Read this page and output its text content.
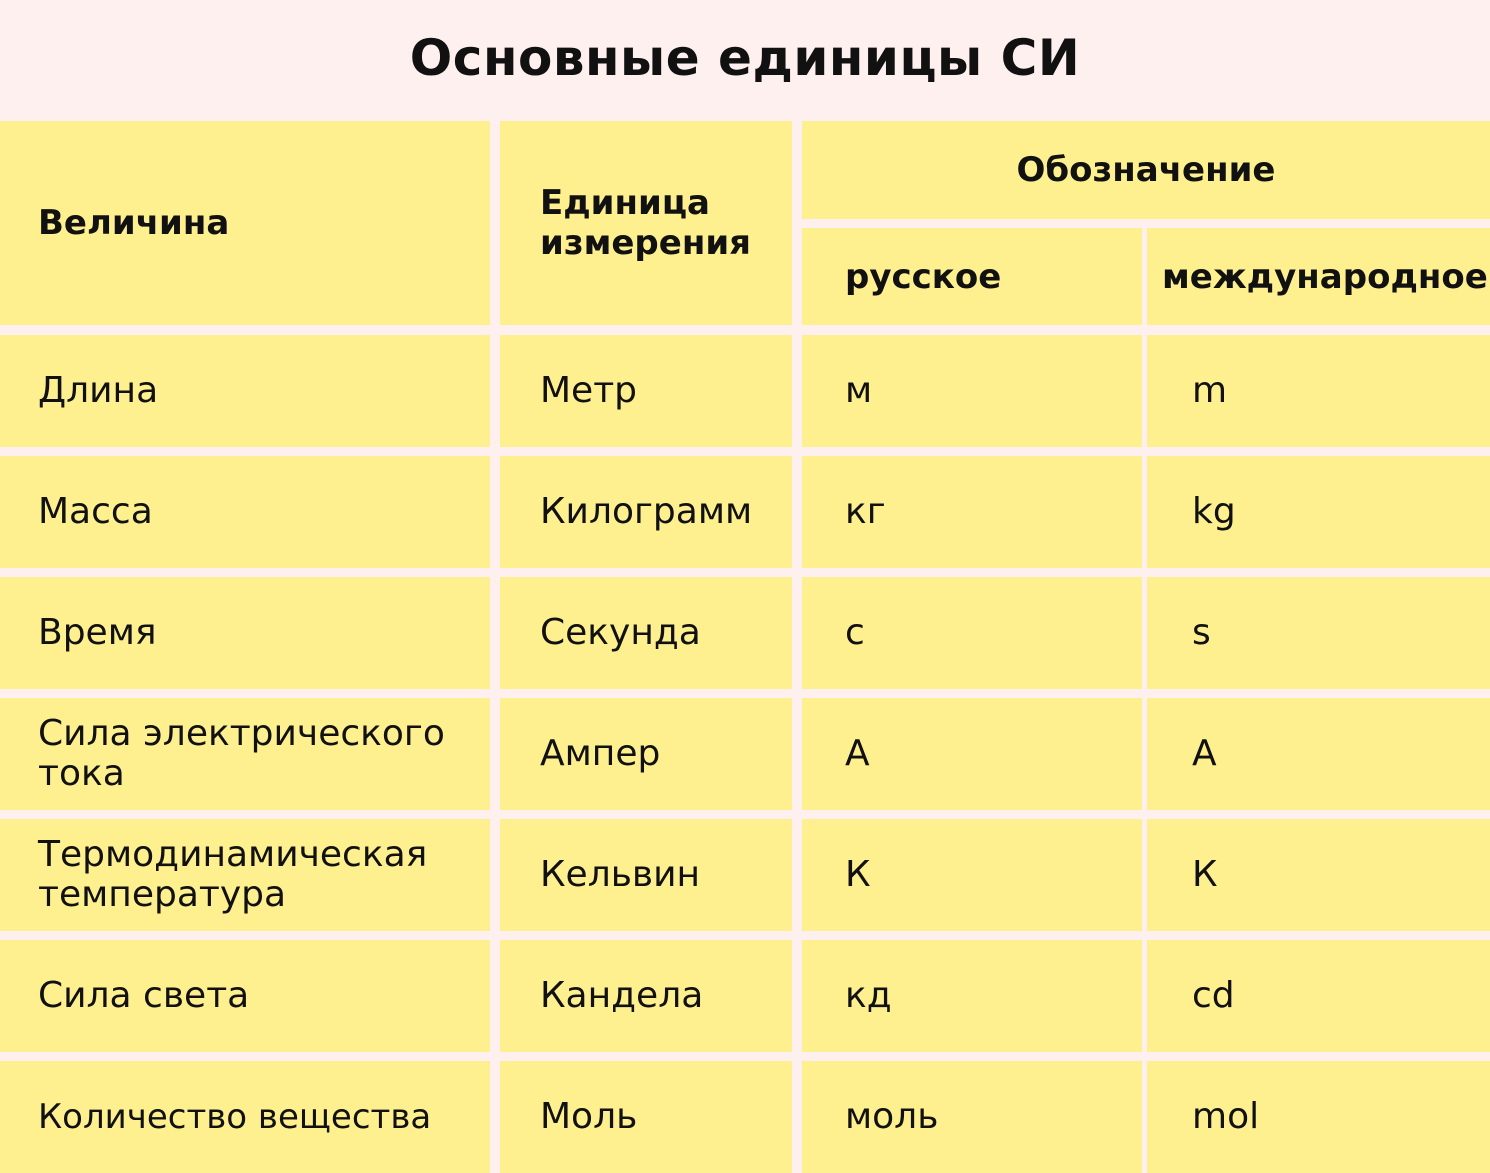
Основные единицы СИ
Величина	Единица измерения
Обозначение
русское	международное
Длина	Метр	м	m
Масса	Килограмм	кг	kg
Время	Секунда	с	s
Сила электрического тока	Ампер	А	А
Термодинамическая температура	Кельвин	К	К
Сила света	Кандела	кд	cd
Количество вещества	Моль	моль	mol
